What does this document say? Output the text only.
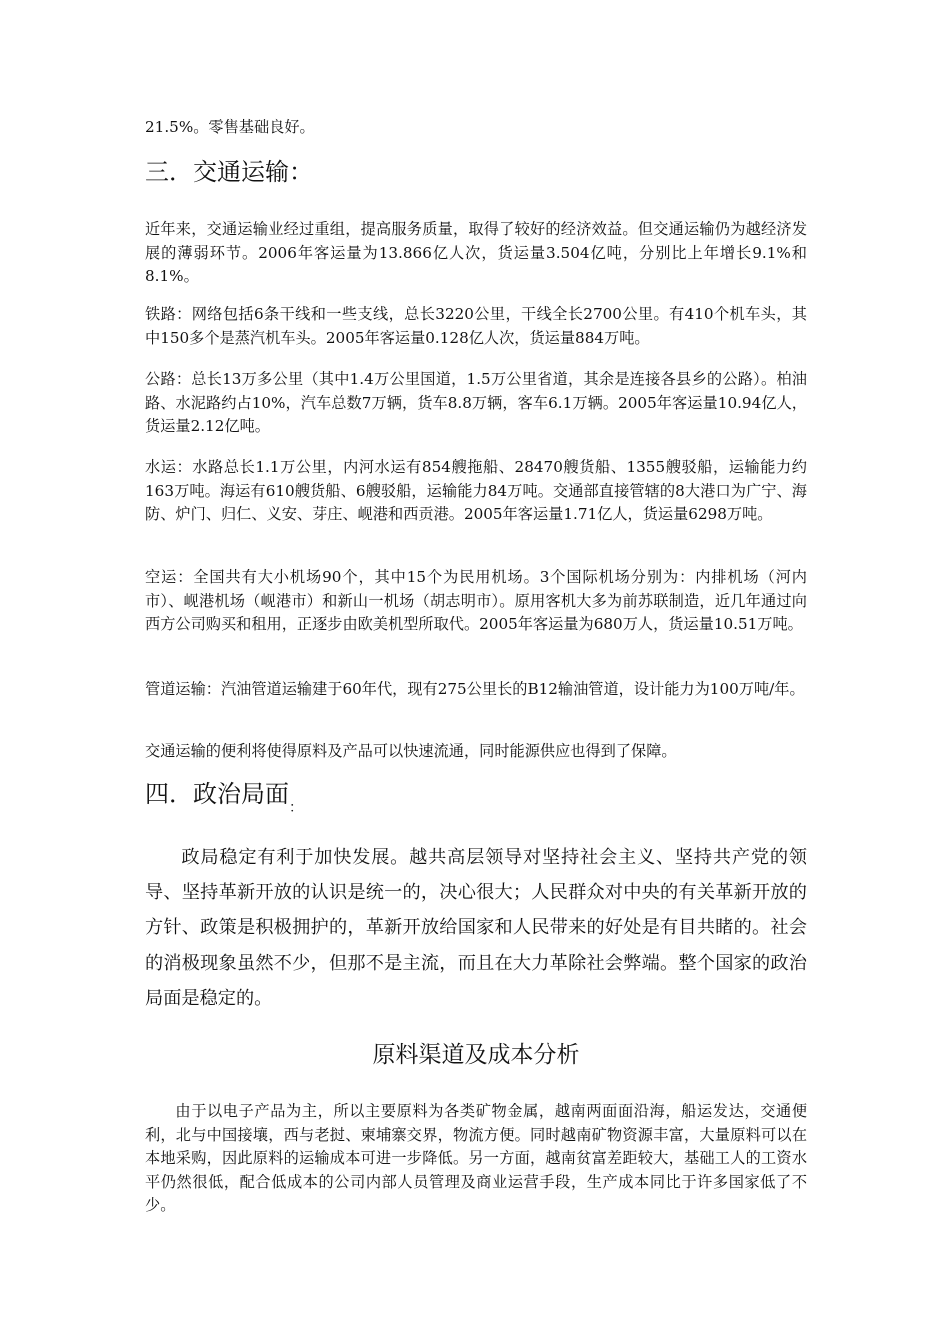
21.5%。零售基础良好。

三．交通运输：

近年来，交通运输业经过重组，提高服务质量，取得了较好的经济效益。但交通运输仍为越经济发展的薄弱环节。2006年客运量为13.866亿人次，货运量3.504亿吨，分别比上年增长9.1%和8.1%。

铁路：网络包括6条干线和一些支线，总长3220公里，干线全长2700公里。有410个机车头，其中150多个是蒸汽机车头。2005年客运量0.128亿人次，货运量884万吨。

公路：总长13万多公里（其中1.4万公里国道，1.5万公里省道，其余是连接各县乡的公路）。柏油路、水泥路约占10%，汽车总数7万辆，货车8.8万辆，客车6.1万辆。2005年客运量10.94亿人，货运量2.12亿吨。

水运：水路总长1.1万公里，内河水运有854艘拖船、28470艘货船、1355艘驳船，运输能力约163万吨。海运有610艘货船、6艘驳船，运输能力84万吨。交通部直接管辖的8大港口为广宁、海防、炉门、归仁、义安、芽庄、岘港和西贡港。2005年客运量1.71亿人，货运量6298万吨。

空运：全国共有大小机场90个，其中15个为民用机场。3个国际机场分别为：内排机场（河内市）、岘港机场（岘港市）和新山一机场（胡志明市）。原用客机大多为前苏联制造，近几年通过向西方公司购买和租用，正逐步由欧美机型所取代。2005年客运量为680万人，货运量10.51万吨。

管道运输：汽油管道运输建于60年代，现有275公里长的B12输油管道，设计能力为100万吨/年。

交通运输的便利将使得原料及产品可以快速流通，同时能源供应也得到了保障。

四．政治局面$_:$

政局稳定有利于加快发展。越共高层领导对坚持社会主义、坚持共产党的领导、坚持革新开放的认识是统一的，决心很大；人民群众对中央的有关革新开放的方针、政策是积极拥护的，革新开放给国家和人民带来的好处是有目共睹的。社会的消极现象虽然不少，但那不是主流，而且在大力革除社会弊端。整个国家的政治局面是稳定的。

原料渠道及成本分析

由于以电子产品为主，所以主要原料为各类矿物金属，越南两面面沿海，船运发达，交通便利，北与中国接壤，西与老挝、柬埔寨交界，物流方便。同时越南矿物资源丰富，大量原料可以在本地采购，因此原料的运输成本可进一步降低。另一方面，越南贫富差距较大，基础工人的工资水平仍然很低，配合低成本的公司内部人员管理及商业运营手段，生产成本同比于许多国家低了不少。
